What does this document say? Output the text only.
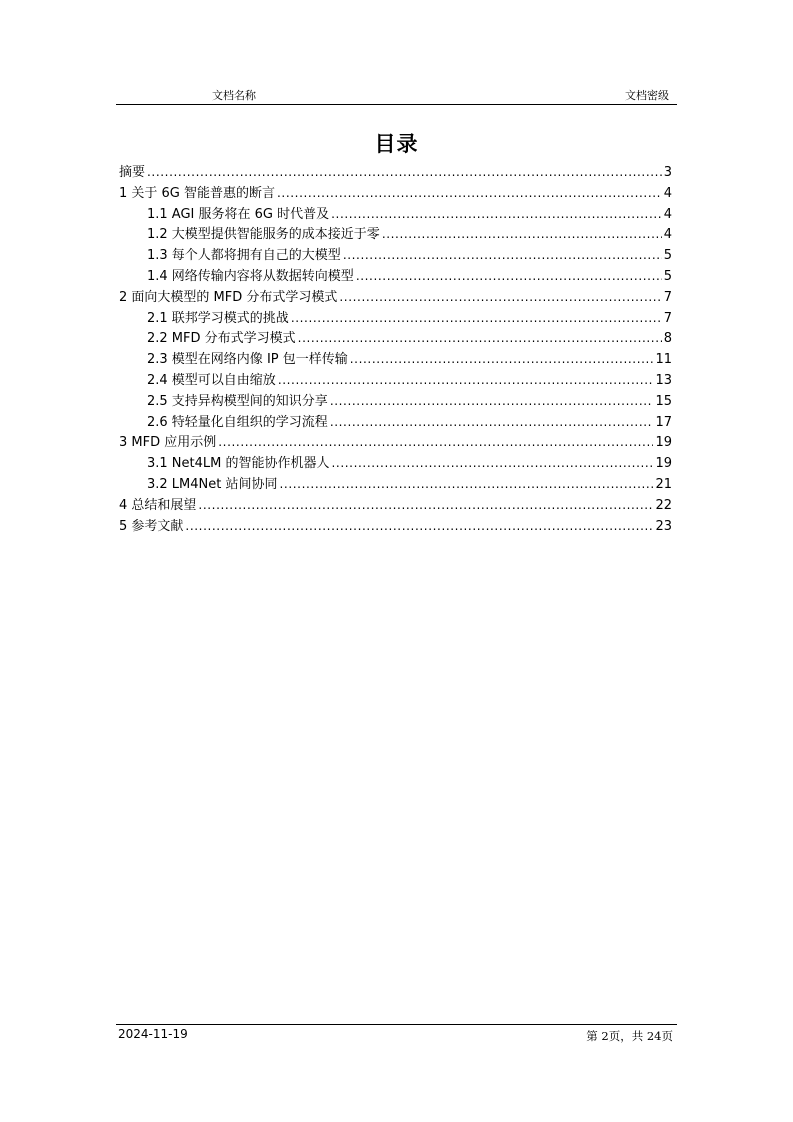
文档名称	文档密级
目录
摘要 .....	3
1 关于 6G 智能普惠的断言 .....	4
1.1 AGI 服务将在 6G 时代普及 .....	4
1.2 大模型提供智能服务的成本接近于零 .....	4
1.3 每个人都将拥有自己的大模型 .....	5
1.4 网络传输内容将从数据转向模型 .....	5
2 面向大模型的 MFD 分布式学习模式 .....	7
2.1 联邦学习模式的挑战 .....	7
2.2 MFD 分布式学习模式 .....	8
2.3 模型在网络内像 IP 包一样传输 .....	11
2.4 模型可以自由缩放 .....	13
2.5 支持异构模型间的知识分享 .....	15
2.6 特轻量化自组织的学习流程 .....	17
3 MFD 应用示例 .....	19
3.1 Net4LM 的智能协作机器人 .....	19
3.2 LM4Net 站间协同 .....	21
4 总结和展望 .....	22
5 参考文献 .....	23
2024-11-19	第 2页，共 24页
